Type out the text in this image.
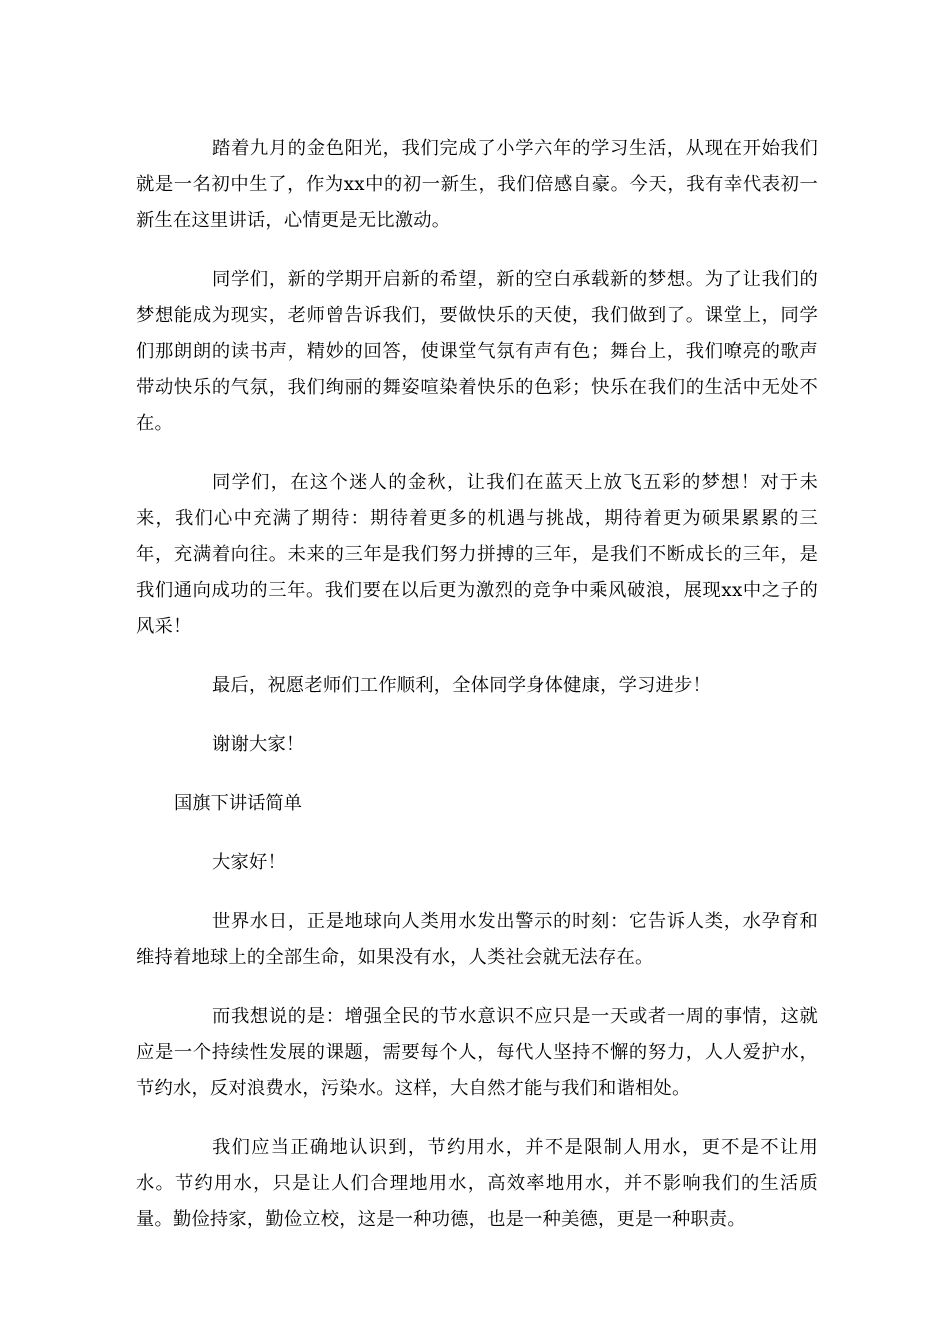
踏着九月的金色阳光，我们完成了小学六年的学习生活，从现在开始我们就是一名初中生了，作为xx中的初一新生，我们倍感自豪。今天，我有幸代表初一新生在这里讲话，心情更是无比激动。

同学们，新的学期开启新的希望，新的空白承载新的梦想。为了让我们的梦想能成为现实，老师曾告诉我们，要做快乐的天使，我们做到了。课堂上，同学们那朗朗的读书声，精妙的回答，使课堂气氛有声有色；舞台上，我们嘹亮的歌声带动快乐的气氛，我们绚丽的舞姿喧染着快乐的色彩；快乐在我们的生活中无处不在。

同学们，在这个迷人的金秋，让我们在蓝天上放飞五彩的梦想！对于未来，我们心中充满了期待：期待着更多的机遇与挑战，期待着更为硕果累累的三年，充满着向往。未来的三年是我们努力拼搏的三年，是我们不断成长的三年，是我们通向成功的三年。我们要在以后更为激烈的竞争中乘风破浪，展现xx中之子的风采！

最后，祝愿老师们工作顺利，全体同学身体健康，学习进步！

谢谢大家！

国旗下讲话简单

大家好！

世界水日，正是地球向人类用水发出警示的时刻：它告诉人类，水孕育和维持着地球上的全部生命，如果没有水，人类社会就无法存在。

而我想说的是：增强全民的节水意识不应只是一天或者一周的事情，这就应是一个持续性发展的课题，需要每个人，每代人坚持不懈的努力，人人爱护水，节约水，反对浪费水，污染水。这样，大自然才能与我们和谐相处。

我们应当正确地认识到，节约用水，并不是限制人用水，更不是不让用水。节约用水，只是让人们合理地用水，高效率地用水，并不影响我们的生活质量。勤俭持家，勤俭立校，这是一种功德，也是一种美德，更是一种职责。
